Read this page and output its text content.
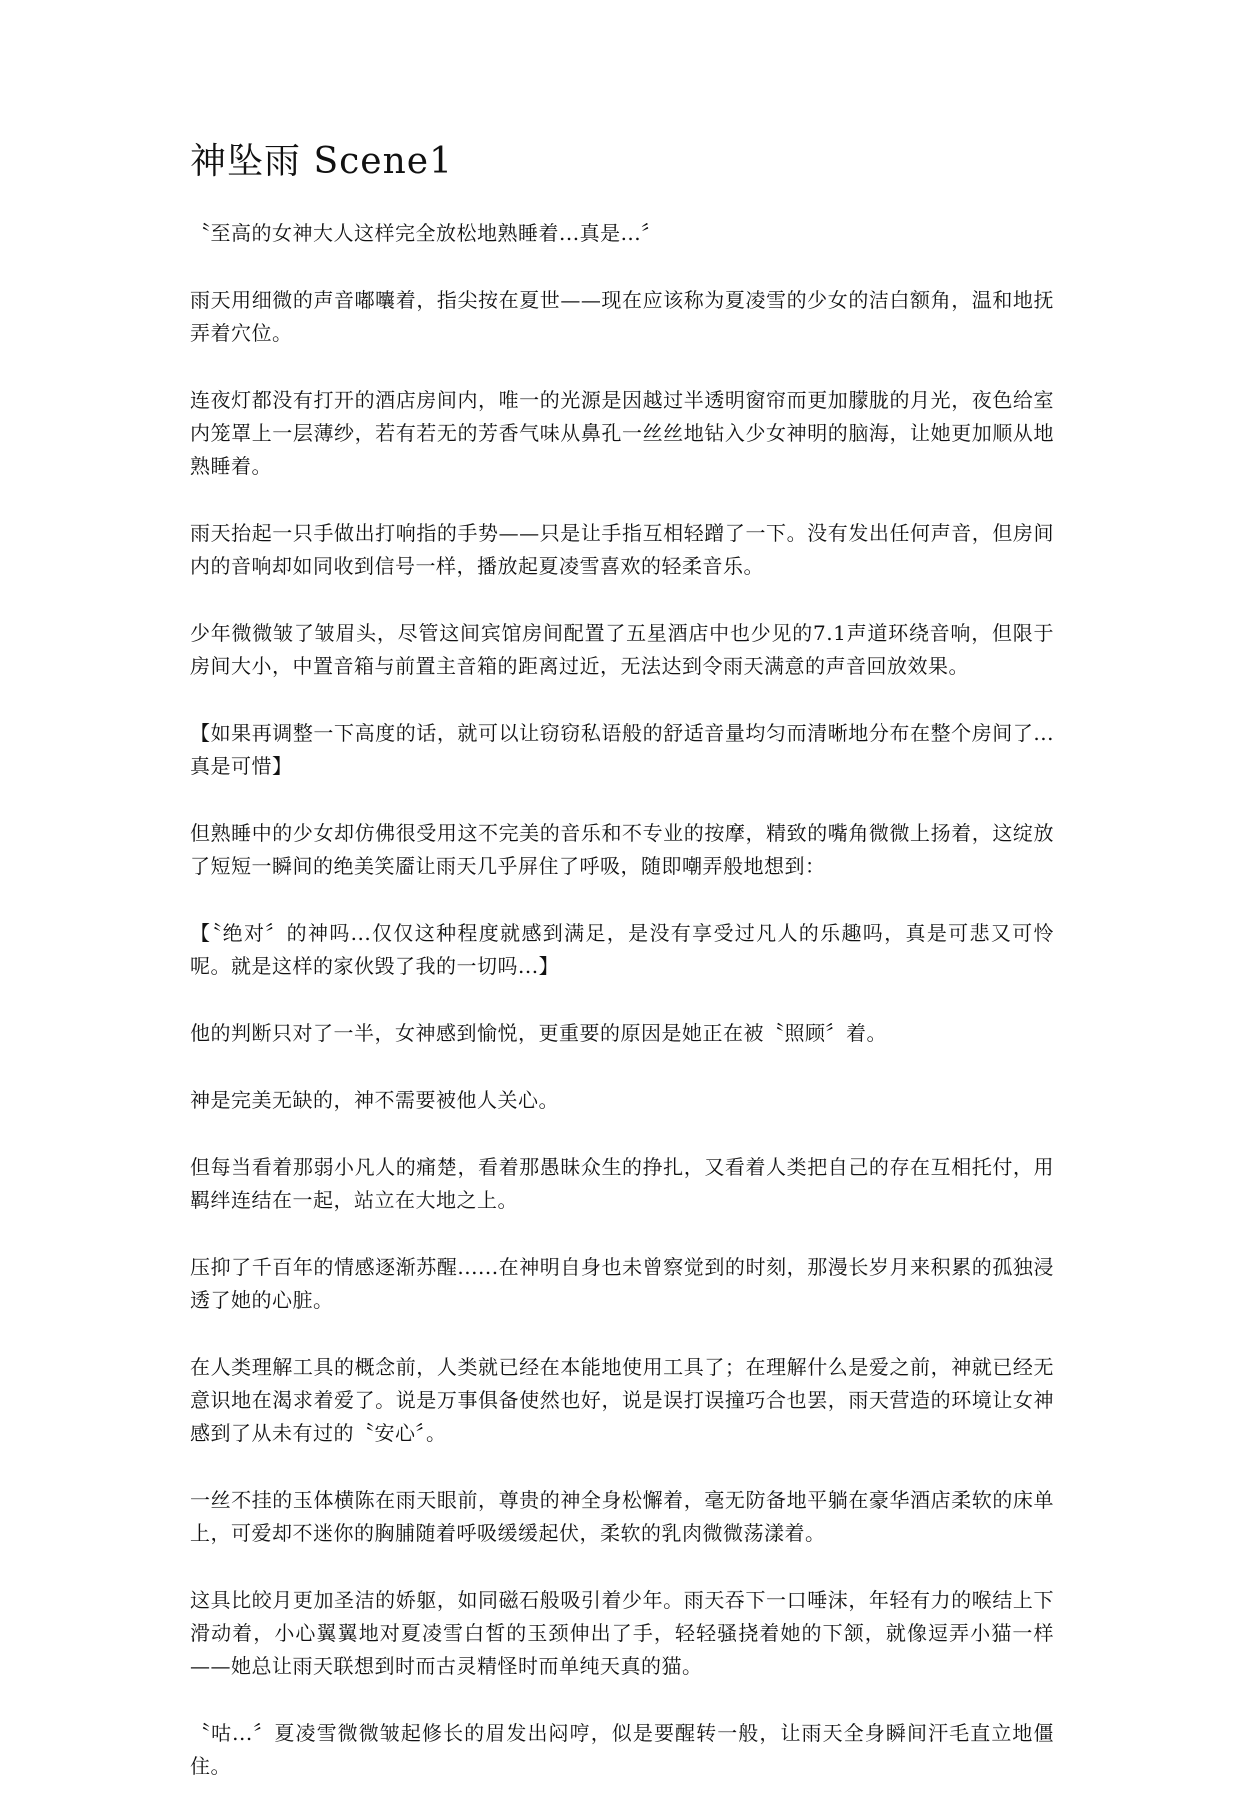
神坠雨 Scene1

〝至高的女神大人这样完全放松地熟睡着...真是...〞

雨天用细微的声音嘟囔着，指尖按在夏世——现在应该称为夏凌雪的少女的洁白额角，温和地抚弄着穴位。

连夜灯都没有打开的酒店房间内，唯一的光源是因越过半透明窗帘而更加朦胧的月光，夜色给室内笼罩上一层薄纱，若有若无的芳香气味从鼻孔一丝丝地钻入少女神明的脑海，让她更加顺从地熟睡着。

雨天抬起一只手做出打响指的手势——只是让手指互相轻蹭了一下。没有发出任何声音，但房间内的音响却如同收到信号一样，播放起夏凌雪喜欢的轻柔音乐。

少年微微皱了皱眉头，尽管这间宾馆房间配置了五星酒店中也少见的7.1声道环绕音响，但限于房间大小，中置音箱与前置主音箱的距离过近，无法达到令雨天满意的声音回放效果。

【如果再调整一下高度的话，就可以让窃窃私语般的舒适音量均匀而清晰地分布在整个房间了...真是可惜】

但熟睡中的少女却仿佛很受用这不完美的音乐和不专业的按摩，精致的嘴角微微上扬着，这绽放了短短一瞬间的绝美笑靥让雨天几乎屏住了呼吸，随即嘲弄般地想到：

【〝绝对〞的神吗...仅仅这种程度就感到满足，是没有享受过凡人的乐趣吗，真是可悲又可怜呢。就是这样的家伙毁了我的一切吗...】

他的判断只对了一半，女神感到愉悦，更重要的原因是她正在被〝照顾〞着。

神是完美无缺的，神不需要被他人关心。

但每当看着那弱小凡人的痛楚，看着那愚昧众生的挣扎，又看着人类把自己的存在互相托付，用羁绊连结在一起，站立在大地之上。

压抑了千百年的情感逐渐苏醒......在神明自身也未曾察觉到的时刻，那漫长岁月来积累的孤独浸透了她的心脏。

在人类理解工具的概念前，人类就已经在本能地使用工具了；在理解什么是爱之前，神就已经无意识地在渴求着爱了。说是万事俱备使然也好，说是误打误撞巧合也罢，雨天营造的环境让女神感到了从未有过的〝安心〞。

一丝不挂的玉体横陈在雨天眼前，尊贵的神全身松懈着，毫无防备地平躺在豪华酒店柔软的床单上，可爱却不迷你的胸脯随着呼吸缓缓起伏，柔软的乳肉微微荡漾着。

这具比皎月更加圣洁的娇躯，如同磁石般吸引着少年。雨天吞下一口唾沫，年轻有力的喉结上下滑动着，小心翼翼地对夏凌雪白皙的玉颈伸出了手，轻轻骚挠着她的下颔，就像逗弄小猫一样——她总让雨天联想到时而古灵精怪时而单纯天真的猫。

〝咕...〞夏凌雪微微皱起修长的眉发出闷哼，似是要醒转一般，让雨天全身瞬间汗毛直立地僵住。
